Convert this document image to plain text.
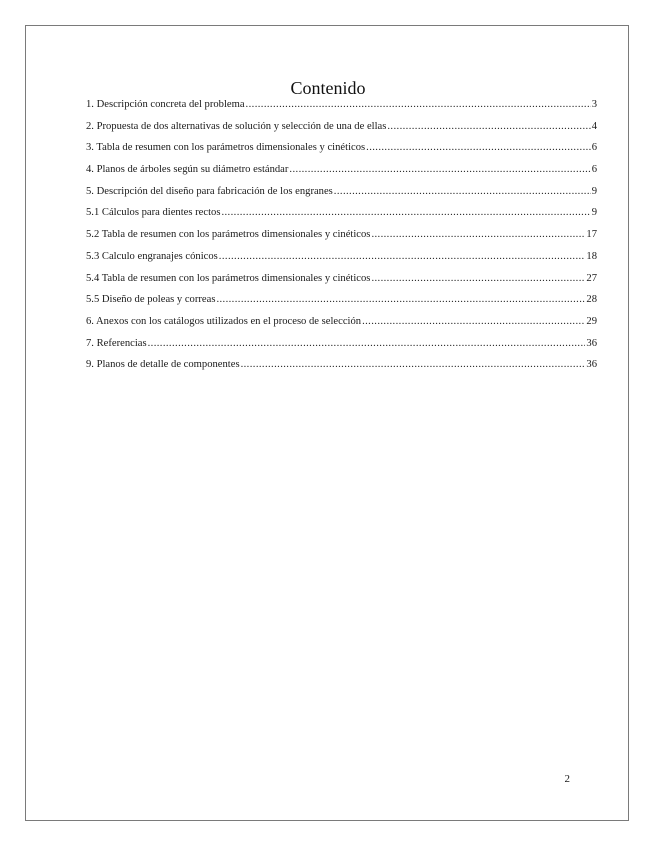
Contenido
1. Descripción concreta del problema .....	3
2. Propuesta de dos alternativas de solución y selección de una de ellas .....	4
3. Tabla de resumen con los parámetros dimensionales y cinéticos .....	6
4. Planos de árboles según su diámetro estándar .....	6
5. Descripción del diseño para fabricación de los engranes .....	9
5.1 Cálculos para dientes rectos .....	9
5.2 Tabla de resumen con los parámetros dimensionales y cinéticos .....	17
5.3 Calculo engranajes cónicos .....	18
5.4 Tabla de resumen con los parámetros dimensionales y cinéticos .....	27
5.5 Diseño de poleas y correas .....	28
6. Anexos con los catálogos utilizados en el proceso de selección .....	29
7. Referencias .....	36
9. Planos de detalle de componentes .....	36
2
